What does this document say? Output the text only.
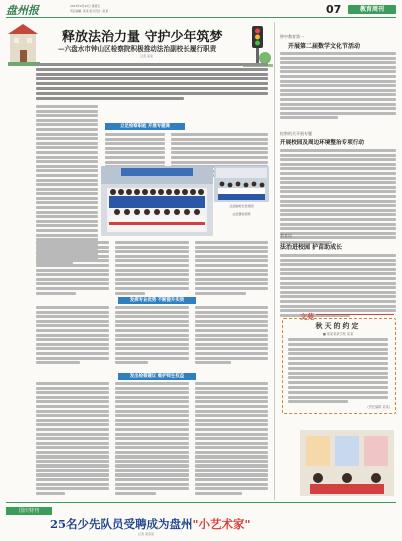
盘州报	2023年9月22日 星期五
责任编辑: 某某 版式设计: 某某	07	教育周刊
释放法治力量 守护少年筑梦
—六盘水市钟山区检察院积极推动法治副校长履行职责
记者 某某
立足检察职能 开展专题课
法治副校长进校园
法治课堂现场
发挥专业优势 不断提升实效
发出检察建议 维护师生权益
钟中教育第一
开展第二届数学文化节活动
检察机关开展专题
开展校园及周边环境整治专项行动
教育局
法治进校园 护苗助成长
文苑
秋天的约定
■ 某某某某学校 某某
(责任编辑 某某)
国庆特刊
25名少先队员受聘成为盘州"小艺术家"
记者 某某某
